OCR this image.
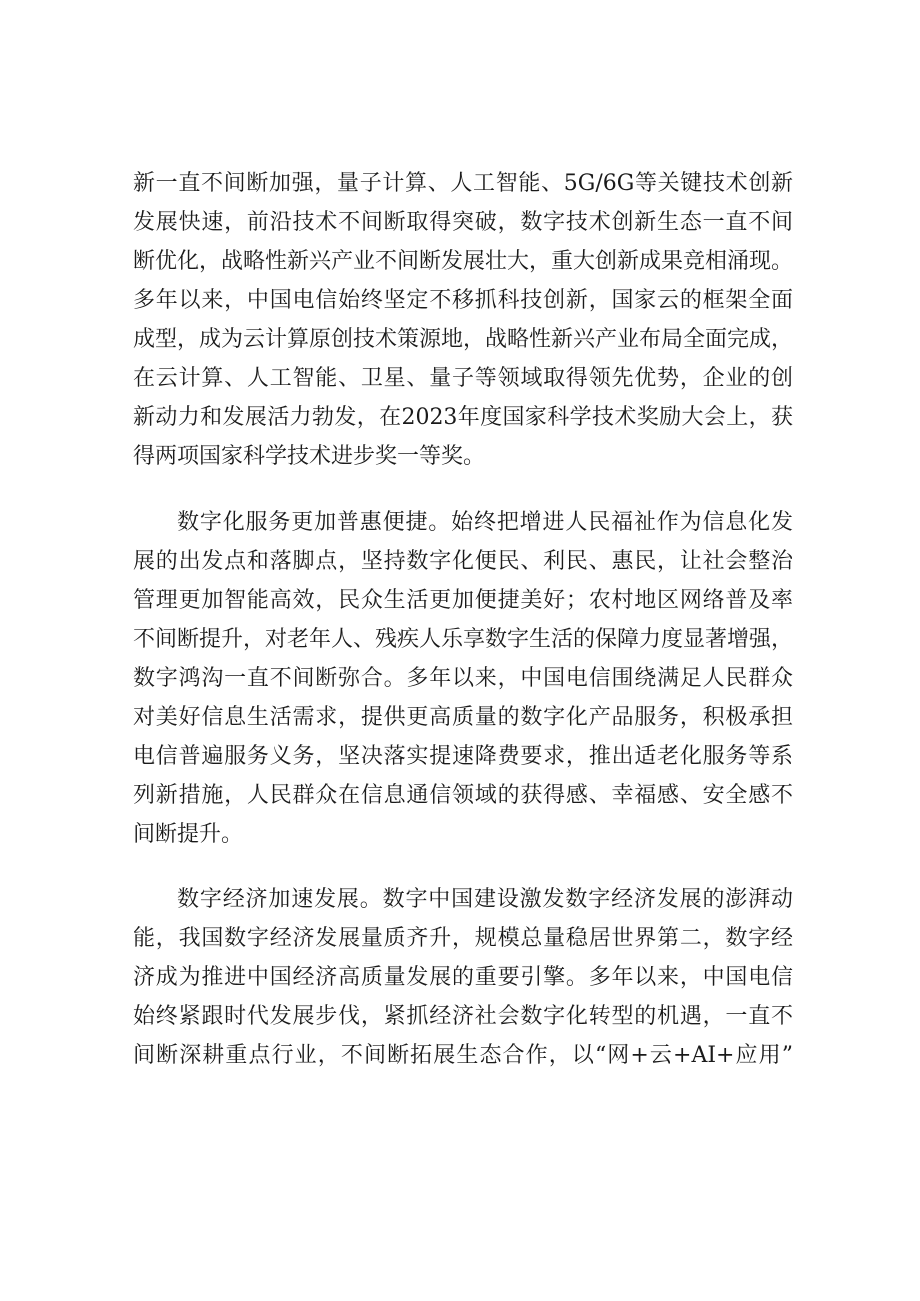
新一直不间断加强，量子计算、人工智能、5G/6G等关键技术创新
发展快速，前沿技术不间断取得突破，数字技术创新生态一直不间
断优化，战略性新兴产业不间断发展壮大，重大创新成果竞相涌现。
多年以来，中国电信始终坚定不移抓科技创新，国家云的框架全面
成型，成为云计算原创技术策源地，战略性新兴产业布局全面完成，
在云计算、人工智能、卫星、量子等领域取得领先优势，企业的创
新动力和发展活力勃发，在2023年度国家科学技术奖励大会上，获
得两项国家科学技术进步奖一等奖。
数字化服务更加普惠便捷。始终把增进人民福祉作为信息化发
展的出发点和落脚点，坚持数字化便民、利民、惠民，让社会整治
管理更加智能高效，民众生活更加便捷美好；农村地区网络普及率
不间断提升，对老年人、残疾人乐享数字生活的保障力度显著增强，
数字鸿沟一直不间断弥合。多年以来，中国电信围绕满足人民群众
对美好信息生活需求，提供更高质量的数字化产品服务，积极承担
电信普遍服务义务，坚决落实提速降费要求，推出适老化服务等系
列新措施，人民群众在信息通信领域的获得感、幸福感、安全感不
间断提升。
数字经济加速发展。数字中国建设激发数字经济发展的澎湃动
能，我国数字经济发展量质齐升，规模总量稳居世界第二，数字经
济成为推进中国经济高质量发展的重要引擎。多年以来，中国电信
始终紧跟时代发展步伐，紧抓经济社会数字化转型的机遇，一直不
间断深耕重点行业，不间断拓展生态合作，以“网+云+AI+应用”
